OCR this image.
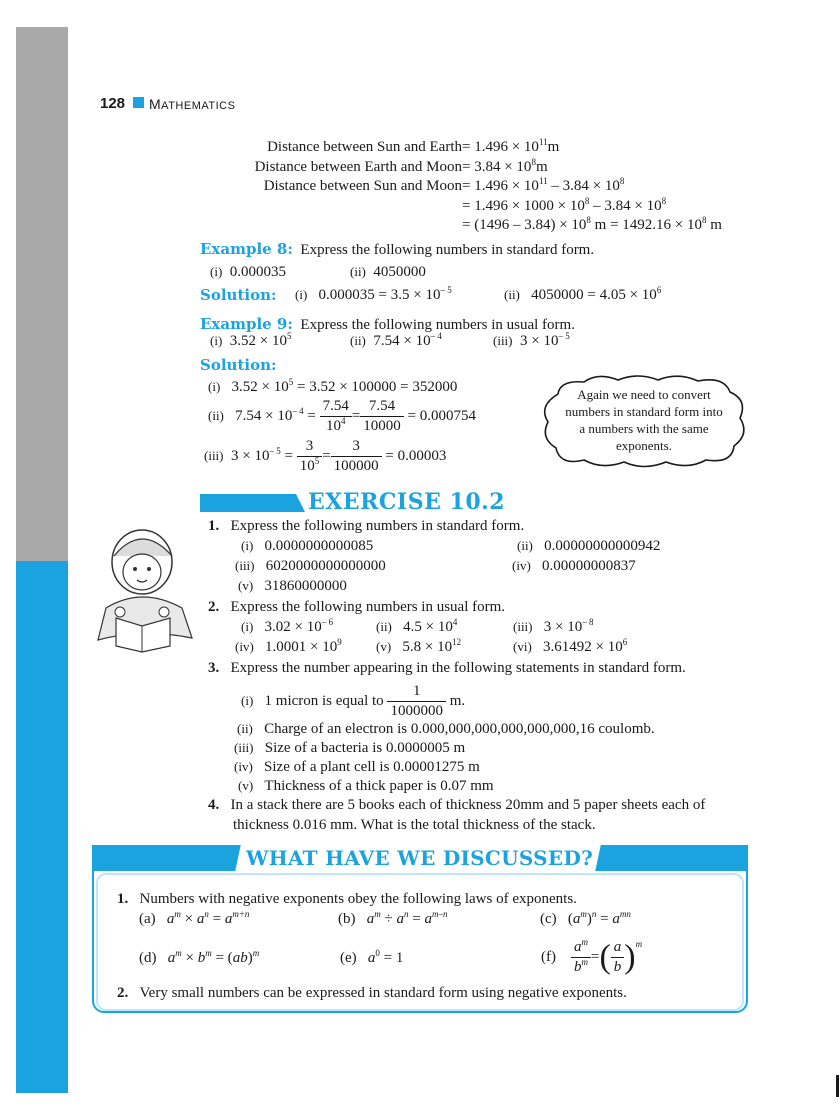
128 MATHEMATICS
Distance between Sun and Earth = $1.496 \times 10^{11}m$
Distance between Earth and Moon = $3.84 \times 10^8m$
Distance between Sun and Moon = $1.496 \times 10^{11} - 3.84 \times 10^8$
= $1.496 \times 1000 \times 10^8 - 3.84 \times 10^8$
= $(1496 - 3.84) \times 10^8$ $m = 1492.16 \times 10^8$ m
Example 8: Express the following numbers in standard form.
(i) 0.000035	(ii) 4050000
Solution: (i) $0.000035 = 3.5 \times 10^{- 5}$	(ii) $4050000 = 4.05 \times 10^6$
Example 9: Express the following numbers in usual form.
(i) $3.52 \times 10^5$	(ii) $7.54 \times 10^{- 4}$	(iii) $3 \times 10^{- 5}$
Solution:
(i) $3.52 \times 10^5 = 3.52 \times 100000 = 352000$
(ii) $7.54 \times 10^{- 4} = \frac{7.54}{10^4} = \frac{7.54}{10000} = 0.000754$
(iii) $3 \times 10^{- 5} = \frac{3}{10^5} = \frac{3}{100000} = 0.00003$
Again we need to convert
numbers in standard form into
a numbers with the same
exponents.
EXERCISE 10.2
1. Express the following numbers in standard form.
(i) 0.0000000000085	(ii) 0.00000000000942
(iii) 6020000000000000	(iv) 0.00000000837
(v) 31860000000
2. Express the following numbers in usual form.
(i) $3.02 \times 10^{- 6}$	(ii) $4.5 \times 10^4$	(iii) $3 \times 10^{- 8}$
(iv) $1.0001 \times 10^9$	(v) $5.8 \times 10^{12}$	(vi) $3.61492 \times 10^6$
3. Express the number appearing in the following statements in standard form.
(i) 1 micron is equal to $\frac{1}{1000000} m$.
(ii) Charge of an electron is 0.000,000,000,000,000,000,16 coulomb.
(iii) Size of a bacteria is 0.0000005 m
(iv) Size of a plant cell is 0.00001275 m
(v) Thickness of a thick paper is 0.07 mm
4. In a stack there are 5 books each of thickness 20mm and 5 paper sheets each of
thickness 0.016 mm. What is the total thickness of the stack.
WHAT HAVE WE DISCUSSED?
1. Numbers with negative exponents obey the following laws of exponents.
(a) $a^m \times a^n = a^{m+n}$	(b) $a^m \div a^n = a^{m-n}$	(c) $(a^m)^n = a^{mn}$
(d) $a^m \times b^m = (ab)^m$	(e) $a^0 = 1$	$(f) \frac{a^m}{b^m}$ =( $\frac{a}{b} )^m$
2. Very small numbers can be expressed in standard form using negative exponents.
